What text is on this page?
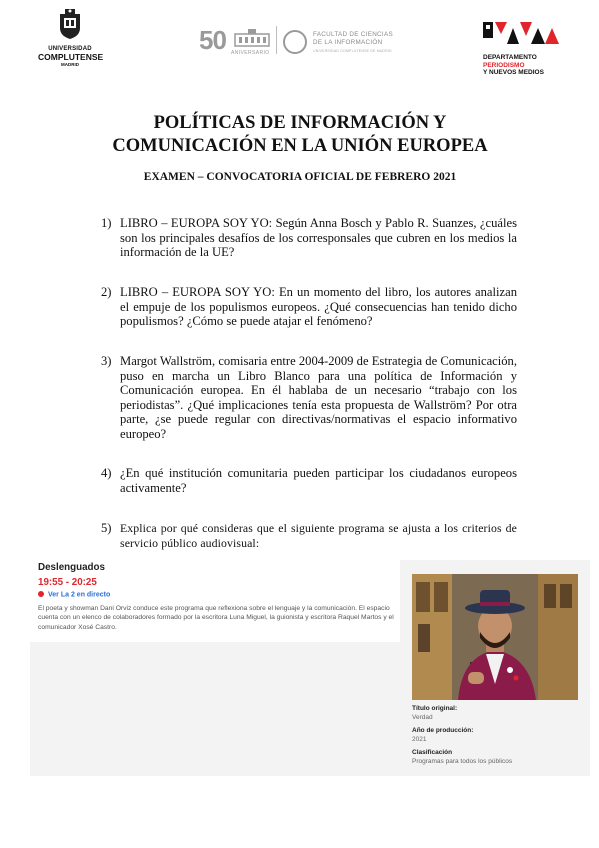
UNIVERSIDAD
COMPLUTENSE
MADRID
50 ANIVERSARIO
FACULTAD DE CIENCIAS
DE LA INFORMACIÓN
UNIVERSIDAD COMPLUTENSE DE MADRID
DEPARTAMENTO
PERIODISMO
Y NUEVOS MEDIOS
POLÍTICAS DE INFORMACIÓN Y
COMUNICACIÓN EN LA UNIÓN EUROPEA
EXAMEN – CONVOCATORIA OFICIAL DE FEBRERO 2021
1) LIBRO – EUROPA SOY YO: Según Anna Bosch y Pablo R. Suanzes, ¿cuáles son los principales desafíos de los corresponsales que cubren en los medios la información de la UE?
2) LIBRO – EUROPA SOY YO: En un momento del libro, los autores analizan el empuje de los populismos europeos. ¿Qué consecuencias han tenido dicho populismos? ¿Cómo se puede atajar el fenómeno?
3) Margot Wallström, comisaria entre 2004-2009 de Estrategia de Comunicación, puso en marcha un Libro Blanco para una política de Información y Comunicación europea. En él hablaba de un necesario “trabajo con los periodistas”. ¿Qué implicaciones tenía esta propuesta de Wallström? Por otra parte, ¿se puede regular con directivas/normativas el espacio informativo europeo?
4) ¿En qué institución comunitaria pueden participar los ciudadanos europeos activamente?
5) Explica por qué consideras que el siguiente programa se ajusta a los criterios de servicio público audiovisual:
Deslenguados
19:55 - 20:25
Ver La 2 en directo
El poeta y showman Dani Orviz conduce este programa que reflexiona sobre el lenguaje y la comunicación. El espacio cuenta con un elenco de colaboradores formado por la escritora Luna Miguel, la guionista y escritora Raquel Martos y el comunicador Xosé Castro.
Título original:
Verdad
Año de producción:
2021
Clasificación
Programas para todos los públicos
